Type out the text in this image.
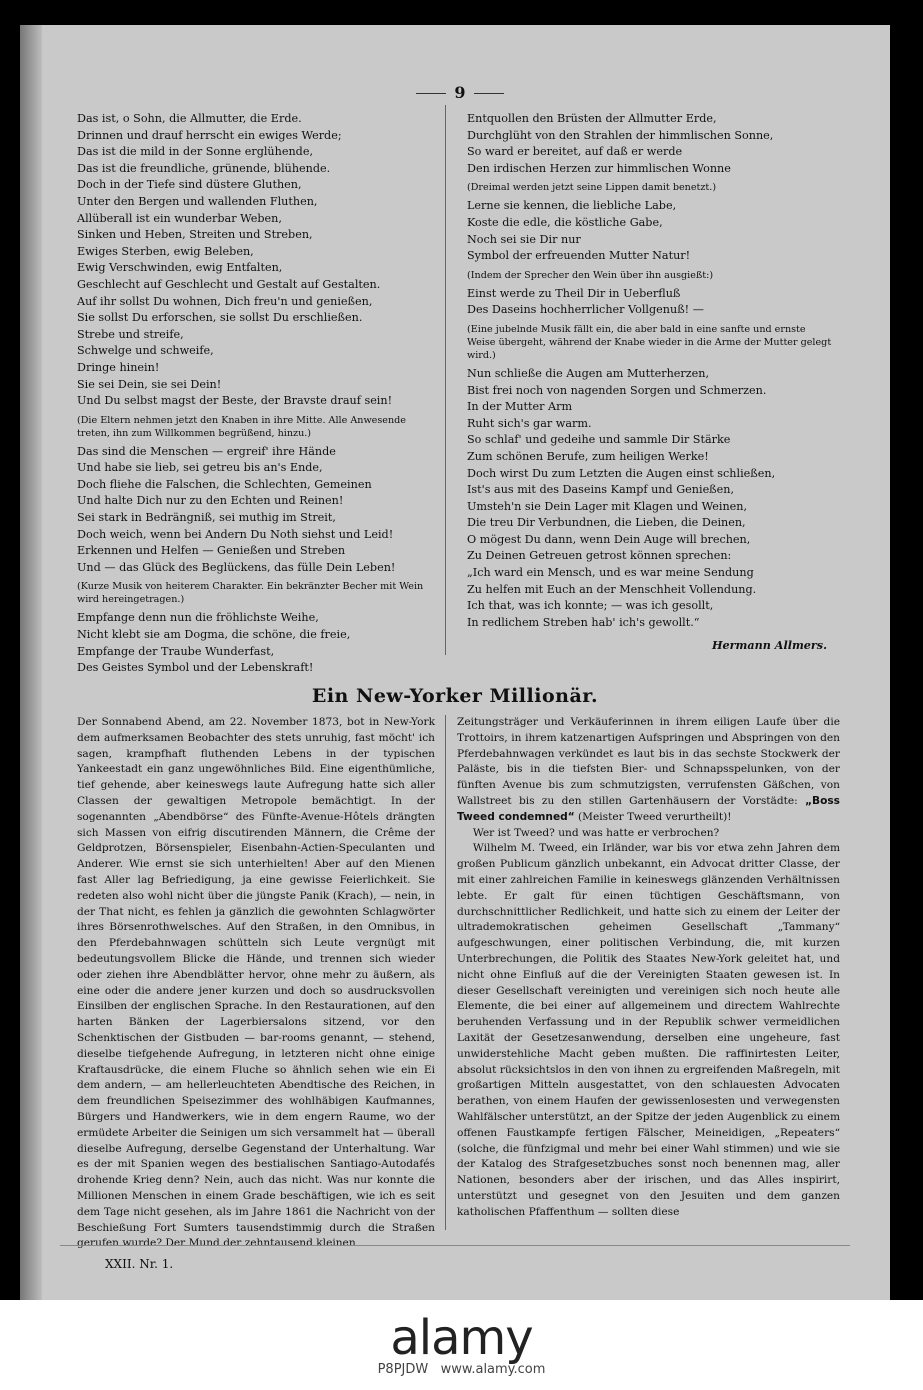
9
Das ist, o Sohn, die Allmutter, die Erde.
Drinnen und drauf herrscht ein ewiges Werde;
Das ist die mild in der Sonne erglühende,
Das ist die freundliche, grünende, blühende.
Doch in der Tiefe sind düstere Gluthen,
Unter den Bergen und wallenden Fluthen,
Allüberall ist ein wunderbar Weben,
Sinken und Heben, Streiten und Streben,
Ewiges Sterben, ewig Beleben,
Ewig Verschwinden, ewig Entfalten,
Geschlecht auf Geschlecht und Gestalt auf Gestalten.
Auf ihr sollst Du wohnen, Dich freu'n und genießen,
Sie sollst Du erforschen, sie sollst Du erschließen.
Strebe und streife,
Schwelge und schweife,
Dringe hinein!
Sie sei Dein, sie sei Dein!
Und Du selbst magst der Beste, der Bravste drauf sein!
(Die Eltern nehmen jetzt den Knaben in ihre Mitte. Alle Anwesende treten, ihn zum Willkommen begrüßend, hinzu.)
Das sind die Menschen — ergreif' ihre Hände
Und habe sie lieb, sei getreu bis an's Ende,
Doch fliehe die Falschen, die Schlechten, Gemeinen
Und halte Dich nur zu den Echten und Reinen!
Sei stark in Bedrängniß, sei muthig im Streit,
Doch weich, wenn bei Andern Du Noth siehst und Leid!
Erkennen und Helfen — Genießen und Streben
Und — das Glück des Beglückens, das fülle Dein Leben!
(Kurze Musik von heiterem Charakter. Ein bekränzter Becher mit Wein wird hereingetragen.)
Empfange denn nun die fröhlichste Weihe,
Nicht klebt sie am Dogma, die schöne, die freie,
Empfange der Traube Wunderfast,
Des Geistes Symbol und der Lebenskraft!
Entquollen den Brüsten der Allmutter Erde,
Durchglüht von den Strahlen der himmlischen Sonne,
So ward er bereitet, auf daß er werde
Den irdischen Herzen zur himmlischen Wonne
(Dreimal werden jetzt seine Lippen damit benetzt.)
Lerne sie kennen, die liebliche Labe,
Koste die edle, die köstliche Gabe,
Noch sei sie Dir nur
Symbol der erfreuenden Mutter Natur!
(Indem der Sprecher den Wein über ihn ausgießt:)
Einst werde zu Theil Dir in Ueberfluß
Des Daseins hochherrlicher Vollgenuß! —
(Eine jubelnde Musik fällt ein, die aber bald in eine sanfte und ernste Weise übergeht, während der Knabe wieder in die Arme der Mutter gelegt wird.)
Nun schließe die Augen am Mutterherzen,
Bist frei noch von nagenden Sorgen und Schmerzen.
In der Mutter Arm
Ruht sich's gar warm.
So schlaf' und gedeihe und sammle Dir Stärke
Zum schönen Berufe, zum heiligen Werke!
Doch wirst Du zum Letzten die Augen einst schließen,
Ist's aus mit des Daseins Kampf und Genießen,
Umsteh'n sie Dein Lager mit Klagen und Weinen,
Die treu Dir Verbundnen, die Lieben, die Deinen,
O mögest Du dann, wenn Dein Auge will brechen,
Zu Deinen Getreuen getrost können sprechen:
„Ich ward ein Mensch, und es war meine Sendung
Zu helfen mit Euch an der Menschheit Vollendung.
Ich that, was ich konnte; — was ich gesollt,
In redlichem Streben hab' ich's gewollt.“
Hermann Allmers.
Ein New-Yorker Millionär.
Der Sonnabend Abend, am 22. November 1873, bot in New-York dem aufmerksamen Beobachter des stets unruhig, fast möcht' ich sagen, krampfhaft fluthenden Lebens in der typischen Yankeestadt ein ganz ungewöhnliches Bild. Eine eigenthümliche, tief gehende, aber keineswegs laute Aufregung hatte sich aller Classen der gewaltigen Metropole bemächtigt. In der sogenannten „Abendbörse“ des Fünfte-Avenue-Hôtels drängten sich Massen von eifrig discutirenden Männern, die Crême der Geldprotzen, Börsenspieler, Eisenbahn-Actien-Speculanten und Anderer. Wie ernst sie sich unterhielten! Aber auf den Mienen fast Aller lag Befriedigung, ja eine gewisse Feierlichkeit. Sie redeten also wohl nicht über die jüngste Panik (Krach), — nein, in der That nicht, es fehlen ja gänzlich die gewohnten Schlagwörter ihres Börsenrothwelsches. Auf den Straßen, in den Omnibus, in den Pferdebahnwagen schütteln sich Leute vergnügt mit bedeutungsvollem Blicke die Hände, und trennen sich wieder oder ziehen ihre Abendblätter hervor, ohne mehr zu äußern, als eine oder die andere jener kurzen und doch so ausdrucksvollen Einsilben der englischen Sprache. In den Restaurationen, auf den harten Bänken der Lagerbiersalons sitzend, vor den Schenktischen der Gistbuden — bar-rooms genannt, — stehend, dieselbe tiefgehende Aufregung, in letzteren nicht ohne einige Kraftausdrücke, die einem Fluche so ähnlich sehen wie ein Ei dem andern, — am hellerleuchteten Abendtische des Reichen, in dem freundlichen Speisezimmer des wohlhäbigen Kaufmannes, Bürgers und Handwerkers, wie in dem engern Raume, wo der ermüdete Arbeiter die Seinigen um sich versammelt hat — überall dieselbe Aufregung, derselbe Gegenstand der Unterhaltung. War es der mit Spanien wegen des bestialischen Santiago-Autodafés drohende Krieg denn? Nein, auch das nicht. Was nur konnte die Millionen Menschen in einem Grade beschäftigen, wie ich es seit dem Tage nicht gesehen, als im Jahre 1861 die Nachricht von der Beschießung Fort Sumters tausendstimmig durch die Straßen gerufen wurde? Der Mund der zehntausend kleinen
Zeitungsträger und Verkäuferinnen in ihrem eiligen Laufe über die Trottoirs, in ihrem katzenartigen Aufspringen und Abspringen von den Pferdebahnwagen verkündet es laut bis in das sechste Stockwerk der Paläste, bis in die tiefsten Bier- und Schnapsspelunken, von der fünften Avenue bis zum schmutzigsten, verrufensten Gäßchen, von Wallstreet bis zu den stillen Gartenhäusern der Vorstädte: „Boss Tweed condemned“ (Meister Tweed verurtheilt)!
Wer ist Tweed? und was hatte er verbrochen?
Wilhelm M. Tweed, ein Irländer, war bis vor etwa zehn Jahren dem großen Publicum gänzlich unbekannt, ein Advocat dritter Classe, der mit einer zahlreichen Familie in keineswegs glänzenden Verhältnissen lebte. Er galt für einen tüchtigen Geschäftsmann, von durchschnittlicher Redlichkeit, und hatte sich zu einem der Leiter der ultrademokratischen geheimen Gesellschaft „Tammany“ aufgeschwungen, einer politischen Verbindung, die, mit kurzen Unterbrechungen, die Politik des Staates New-York geleitet hat, und nicht ohne Einfluß auf die der Vereinigten Staaten gewesen ist. In dieser Gesellschaft vereinigten und vereinigen sich noch heute alle Elemente, die bei einer auf allgemeinem und directem Wahlrechte beruhenden Verfassung und in der Republik schwer vermeidlichen Laxität der Gesetzesanwendung, derselben eine ungeheure, fast unwiderstehliche Macht geben mußten. Die raffinirtesten Leiter, absolut rücksichtslos in den von ihnen zu ergreifenden Maßregeln, mit großartigen Mitteln ausgestattet, von den schlauesten Advocaten berathen, von einem Haufen der gewissenlosesten und verwegensten Wahlfälscher unterstützt, an der Spitze der jeden Augenblick zu einem offenen Faustkampfe fertigen Fälscher, Meineidigen, „Repeaters“ (solche, die fünfzigmal und mehr bei einer Wahl stimmen) und wie sie der Katalog des Strafgesetzbuches sonst noch benennen mag, aller Nationen, besonders aber der irischen, und das Alles inspirirt, unterstützt und gesegnet von den Jesuiten und dem ganzen katholischen Pfaffenthum — sollten diese
XXII. Nr. 1.
alamy
P8PJDW www.alamy.com
